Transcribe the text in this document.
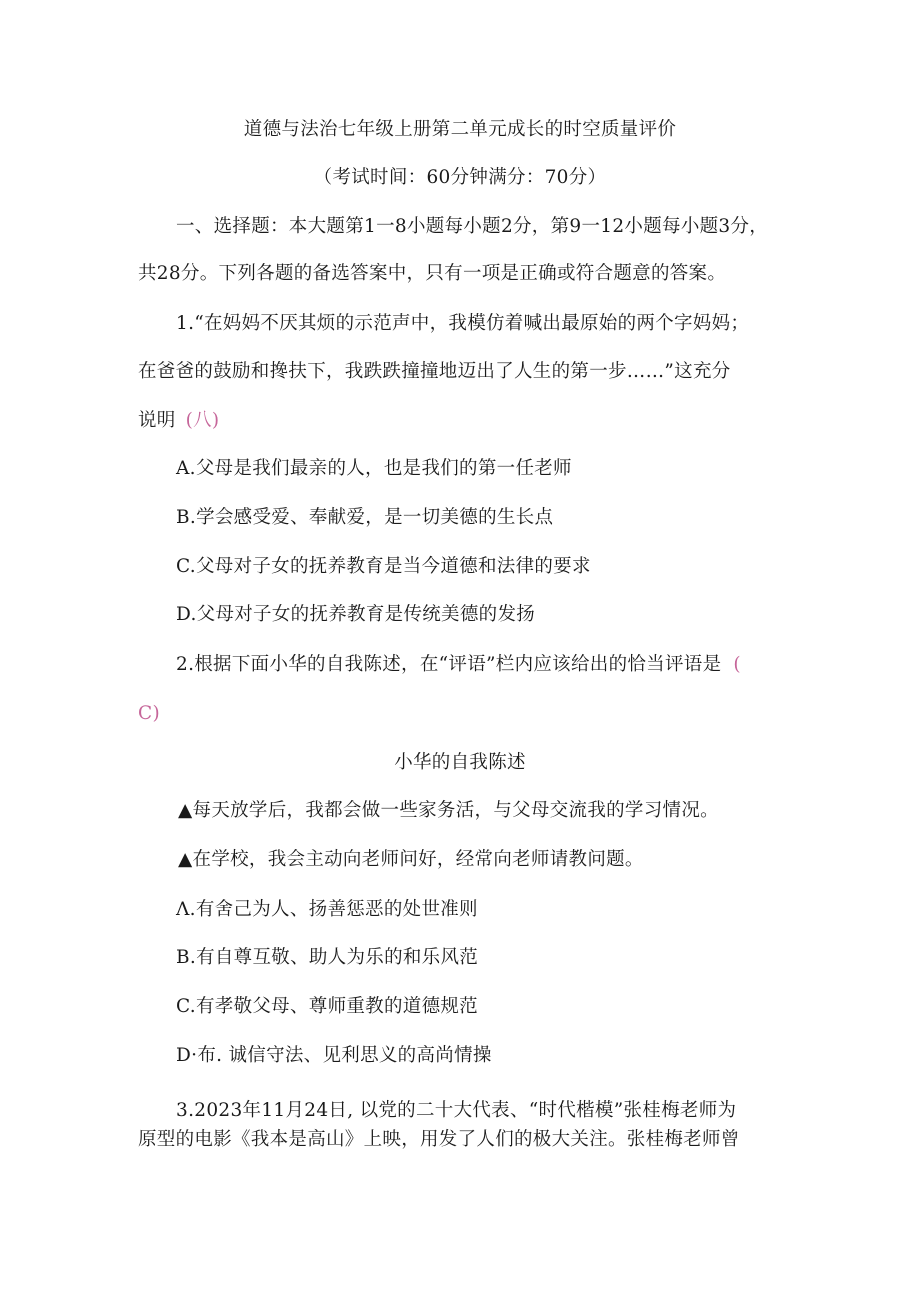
道德与法治七年级上册第二单元成长的时空质量评价
（考试时间：60分钟满分：70分）
一、选择题：本大题第1一8小题每小题2分，第9一12小题每小题3分，
共28分。下列各题的备选答案中，只有一项是正确或符合题意的答案。
1.“在妈妈不厌其烦的示范声中，我模仿着喊出最原始的两个字妈妈；
在爸爸的鼓励和搀扶下，我跌跌撞撞地迈出了人生的第一步……”这充分
说明 (八)
A.父母是我们最亲的人，也是我们的第一任老师
B.学会感受爱、奉献爱，是一切美德的生长点
C.父母对子女的抚养教育是当今道德和法律的要求
D.父母对子女的抚养教育是传统美德的发扬
2.根据下面小华的自我陈述，在“评语”栏内应该给出的恰当评语是 (
C)
小华的自我陈述
▲每天放学后，我都会做一些家务活，与父母交流我的学习情况。
▲在学校，我会主动向老师问好，经常向老师请教问题。
Λ.有舍己为人、扬善惩恶的处世准则
B.有自尊互敬、助人为乐的和乐风范
C.有孝敬父母、尊师重教的道德规范
D·布. 诚信守法、见利思义的高尚情操
3.2023年11月24日, 以党的二十大代表、“时代楷模”张桂梅老师为
原型的电影《我本是高山》上映，用发了人们的极大关注。张桂梅老师曾
